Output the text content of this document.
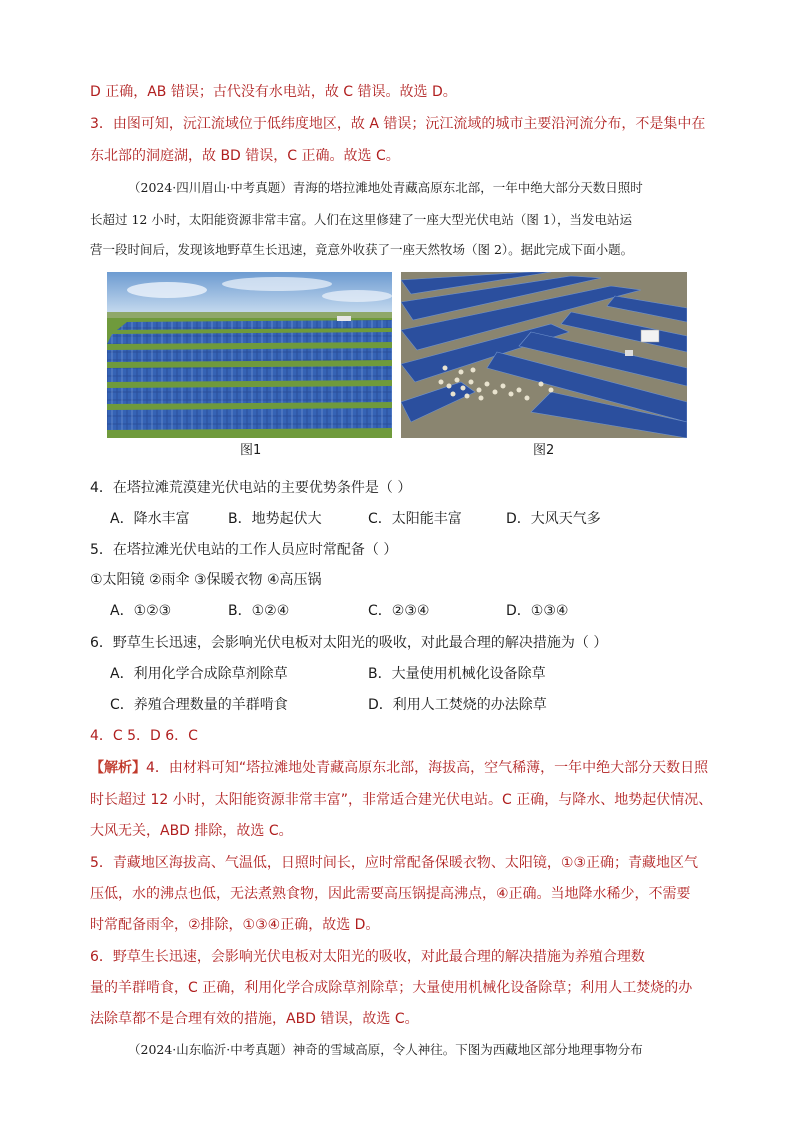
D 正确，AB 错误；古代没有水电站，故 C 错误。故选 D。
3．由图可知，沅江流域位于低纬度地区，故 A 错误；沅江流域的城市主要沿河流分布，不是集中在
东北部的洞庭湖，故 BD 错误，C 正确。故选 C。
（2024·四川眉山·中考真题）青海的塔拉滩地处青藏高原东北部，一年中绝大部分天数日照时
长超过 12 小时，太阳能资源非常丰富。人们在这里修建了一座大型光伏电站（图 1），当发电站运
营一段时间后，发现该地野草生长迅速，竟意外收获了一座天然牧场（图 2）。据此完成下面小题。
图1	图2
4．在塔拉滩荒漠建光伏电站的主要优势条件是（ ）
A．降水丰富	B．地势起伏大	C．太阳能丰富	D．大风天气多
5．在塔拉滩光伏电站的工作人员应时常配备（ ）
①太阳镜 ②雨伞 ③保暖衣物 ④高压锅
A．①②③	B．①②④	C．②③④	D．①③④
6．野草生长迅速，会影响光伏电板对太阳光的吸收，对此最合理的解决措施为（ ）
A．利用化学合成除草剂除草	B．大量使用机械化设备除草
C．养殖合理数量的羊群啃食	D．利用人工焚烧的办法除草
4．C 5．D 6．C
【解析】4．由材料可知“塔拉滩地处青藏高原东北部，海拔高，空气稀薄，一年中绝大部分天数日照
时长超过 12 小时，太阳能资源非常丰富”，非常适合建光伏电站。C 正确，与降水、地势起伏情况、
大风无关，ABD 排除，故选 C。
5．青藏地区海拔高、气温低，日照时间长，应时常配备保暖衣物、太阳镜，①③正确；青藏地区气
压低，水的沸点也低，无法煮熟食物，因此需要高压锅提高沸点，④正确。当地降水稀少，不需要
时常配备雨伞，②排除，①③④正确，故选 D。
6．野草生长迅速，会影响光伏电板对太阳光的吸收，对此最合理的解决措施为养殖合理数
量的羊群啃食，C 正确，利用化学合成除草剂除草；大量使用机械化设备除草；利用人工焚烧的办
法除草都不是合理有效的措施，ABD 错误，故选 C。
（2024·山东临沂·中考真题）神奇的雪域高原，令人神往。下图为西藏地区部分地理事物分布
